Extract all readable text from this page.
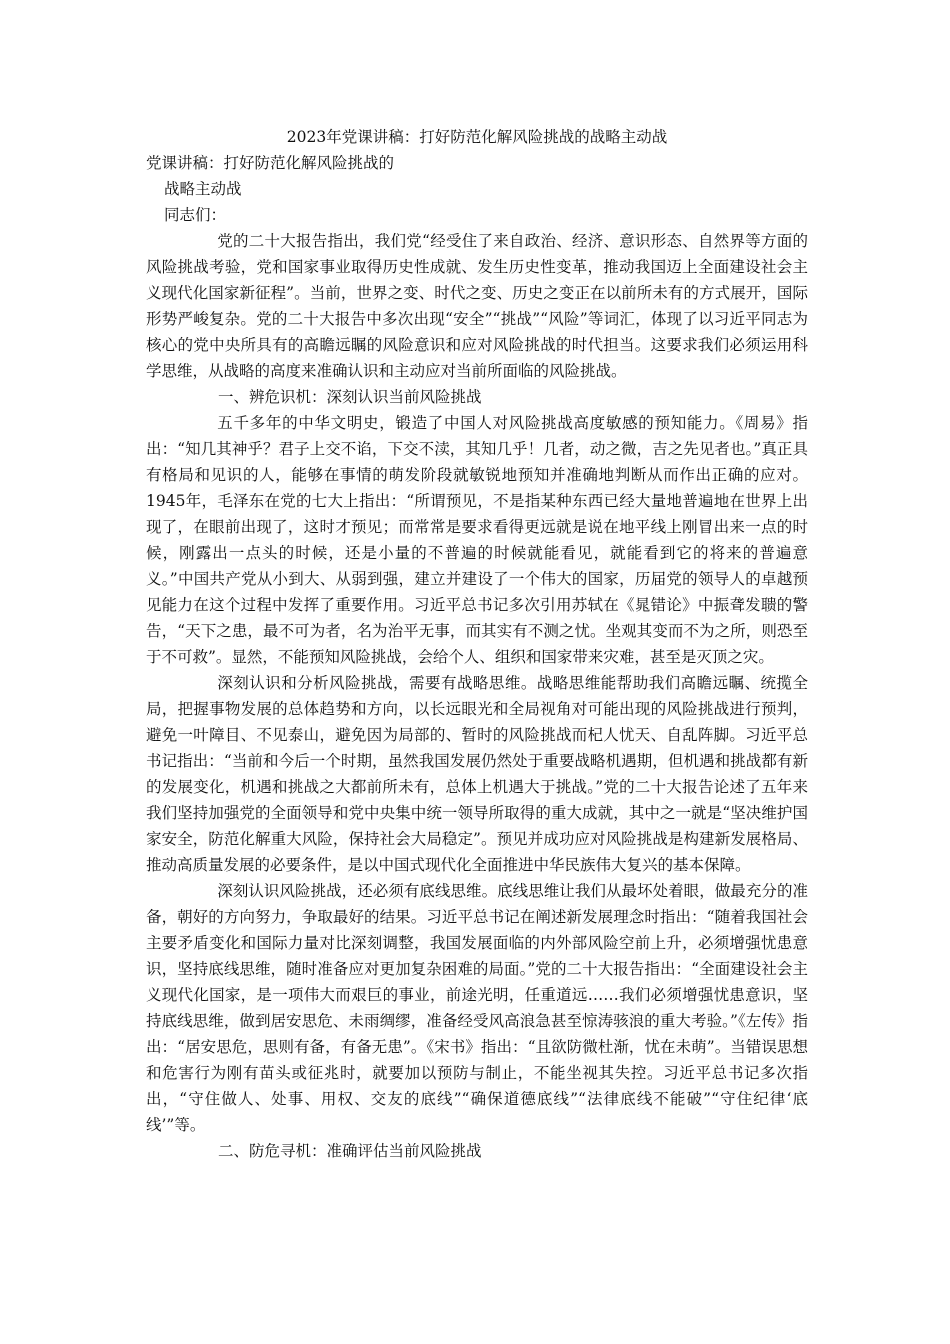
2023年党课讲稿：打好防范化解风险挑战的战略主动战

党课讲稿：打好防范化解风险挑战的

战略主动战

同志们：

党的二十大报告指出，我们党“经受住了来自政治、经济、意识形态、自然界等方面的风险挑战考验，党和国家事业取得历史性成就、发生历史性变革，推动我国迈上全面建设社会主义现代化国家新征程”。当前，世界之变、时代之变、历史之变正在以前所未有的方式展开，国际形势严峻复杂。党的二十大报告中多次出现“安全”“挑战”“风险”等词汇，体现了以习近平同志为核心的党中央所具有的高瞻远瞩的风险意识和应对风险挑战的时代担当。这要求我们必须运用科学思维，从战略的高度来准确认识和主动应对当前所面临的风险挑战。

一、辨危识机：深刻认识当前风险挑战

五千多年的中华文明史，锻造了中国人对风险挑战高度敏感的预知能力。《周易》指出：“知几其神乎？君子上交不谄，下交不渎，其知几乎！几者，动之微，吉之先见者也。”真正具有格局和见识的人，能够在事情的萌发阶段就敏锐地预知并准确地判断从而作出正确的应对。1945年，毛泽东在党的七大上指出：“所谓预见，不是指某种东西已经大量地普遍地在世界上出现了，在眼前出现了，这时才预见；而常常是要求看得更远就是说在地平线上刚冒出来一点的时候，刚露出一点头的时候，还是小量的不普遍的时候就能看见，就能看到它的将来的普遍意义。”中国共产党从小到大、从弱到强，建立并建设了一个伟大的国家，历届党的领导人的卓越预见能力在这个过程中发挥了重要作用。习近平总书记多次引用苏轼在《晁错论》中振聋发聩的警告，“天下之患，最不可为者，名为治平无事，而其实有不测之忧。坐观其变而不为之所，则恐至于不可救”。显然，不能预知风险挑战，会给个人、组织和国家带来灾难，甚至是灭顶之灾。

深刻认识和分析风险挑战，需要有战略思维。战略思维能帮助我们高瞻远瞩、统揽全局，把握事物发展的总体趋势和方向，以长远眼光和全局视角对可能出现的风险挑战进行预判，避免一叶障目、不见泰山，避免因为局部的、暂时的风险挑战而杞人忧天、自乱阵脚。习近平总书记指出：“当前和今后一个时期，虽然我国发展仍然处于重要战略机遇期，但机遇和挑战都有新的发展变化，机遇和挑战之大都前所未有，总体上机遇大于挑战。”党的二十大报告论述了五年来我们坚持加强党的全面领导和党中央集中统一领导所取得的重大成就，其中之一就是“坚决维护国家安全，防范化解重大风险，保持社会大局稳定”。预见并成功应对风险挑战是构建新发展格局、推动高质量发展的必要条件，是以中国式现代化全面推进中华民族伟大复兴的基本保障。

深刻认识风险挑战，还必须有底线思维。底线思维让我们从最坏处着眼，做最充分的准备，朝好的方向努力，争取最好的结果。习近平总书记在阐述新发展理念时指出：“随着我国社会主要矛盾变化和国际力量对比深刻调整，我国发展面临的内外部风险空前上升，必须增强忧患意识，坚持底线思维，随时准备应对更加复杂困难的局面。”党的二十大报告指出：“全面建设社会主义现代化国家，是一项伟大而艰巨的事业，前途光明，任重道远……我们必须增强忧患意识，坚持底线思维，做到居安思危、未雨绸缪，准备经受风高浪急甚至惊涛骇浪的重大考验。”《左传》指出：“居安思危，思则有备，有备无患”。《宋书》指出：“且欲防微杜渐，忧在未萌”。当错误思想和危害行为刚有苗头或征兆时，就要加以预防与制止，不能坐视其失控。习近平总书记多次指出，“守住做人、处事、用权、交友的底线”“确保道德底线”“法律底线不能破”“守住纪律‘底线’”等。

二、防危寻机：准确评估当前风险挑战
